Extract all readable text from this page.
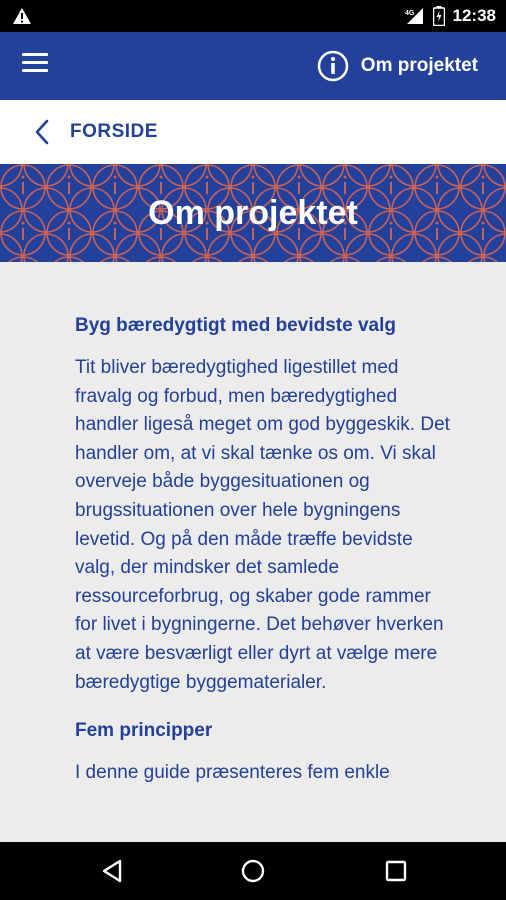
4G 12:38
Om projektet
FORSIDE
Om projektet
Byg bæredygtigt med bevidste valg

Tit bliver bæredygtighed ligestillet med fravalg og forbud, men bæredygtighed handler ligeså meget om god byggeskik. Det handler om, at vi skal tænke os om. Vi skal overveje både byggesituationen og brugssituationen over hele bygningens levetid. Og på den måde træffe bevidste valg, der mindsker det samlede ressourceforbrug, og skaber gode rammer for livet i bygningerne. Det behøver hverken at være besværligt eller dyrt at vælge mere bæredygtige byggematerialer.

Fem principper

I denne guide præsenteres fem enkle
